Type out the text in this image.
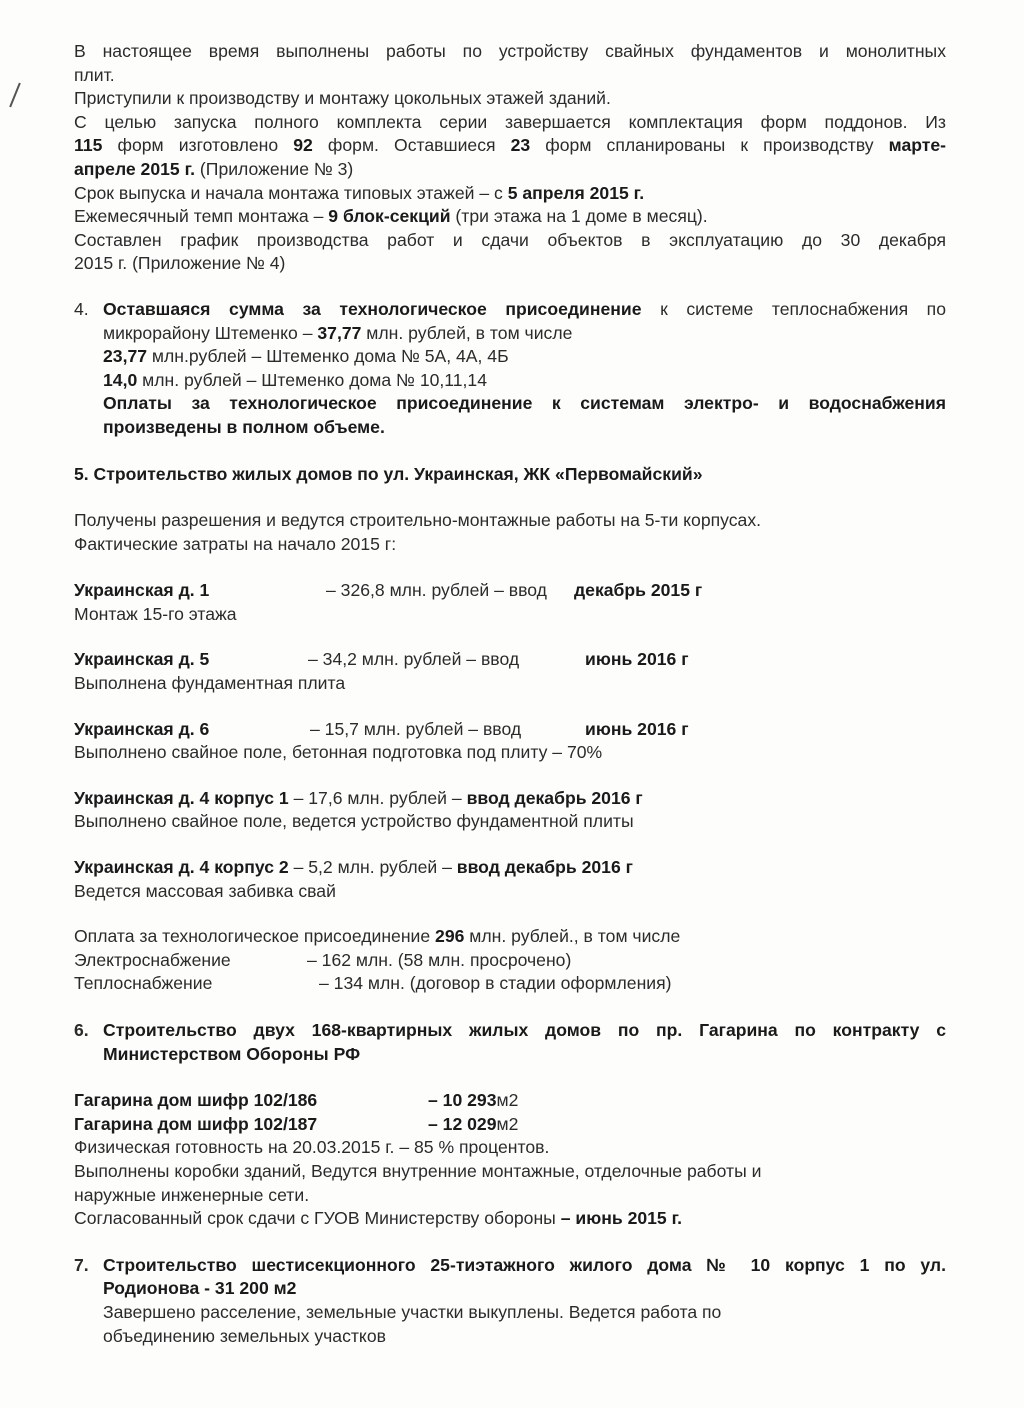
В настоящее время выполнены работы по устройству свайных фундаментов и монолитных

плит.

Приступили к производству и монтажу цокольных этажей зданий.

С целью запуска полного комплекта серии завершается комплектация форм поддонов. Из

115 форм изготовлено 92 форм. Оставшиеся 23 форм спланированы к производству марте-

апреле 2015 г. (Приложение № 3)

Срок выпуска и начала монтажа типовых этажей – с 5 апреля 2015 г.

Ежемесячный темп монтажа – 9 блок-секций (три этажа на 1 доме в месяц).

Составлен график производства работ и сдачи объектов в эксплуатацию до 30 декабря

2015 г. (Приложение № 4)

4. Оставшаяся сумма за технологическое присоединение к системе теплоснабжения по

микрорайону Штеменко – 37,77 млн. рублей, в том числе

23,77 млн.рублей – Штеменко дома № 5А, 4А, 4Б

14,0 млн. рублей – Штеменко дома № 10,11,14

Оплаты за технологическое присоединение к системам электро- и водоснабжения

произведены в полном объеме.

5. Строительство жилых домов по ул. Украинская, ЖК «Первомайский»

Получены разрешения и ведутся строительно-монтажные работы на 5-ти корпусах.

Фактические затраты на начало 2015 г:

Украинская д. 1	– 326,8 млн. рублей – ввод декабрь 2015 г

Монтаж 15-го этажа

Украинская д. 5	– 34,2 млн. рублей – ввод	июнь 2016 г

Выполнена фундаментная плита

Украинская д. 6	– 15,7 млн. рублей – ввод	июнь 2016 г

Выполнено свайное поле, бетонная подготовка под плиту – 70%

Украинская д. 4 корпус 1 – 17,6 млн. рублей – ввод декабрь 2016 г

Выполнено свайное поле, ведется устройство фундаментной плиты

Украинская д. 4 корпус 2 – 5,2 млн. рублей – ввод декабрь 2016 г

Ведется массовая забивка свай

Оплата за технологическое присоединение 296 млн. рублей., в том числе

Электроснабжение	– 162 млн. (58 млн. просрочено)
Теплоснабжение	– 134 млн. (договор в стадии оформления)
6. Строительство двух 168-квартирных жилых домов по пр. Гагарина по контракту с

Министерством Обороны РФ

Гагарина дом шифр 102/186	– 10 293 м2
Гагарина дом шифр 102/187	– 12 029 м2

Физическая готовность на 20.03.2015 г. – 85 % процентов.

Выполнены коробки зданий, Ведутся внутренние монтажные, отделочные работы и

наружные инженерные сети.

Согласованный срок сдачи с ГУОВ Министерству обороны – июнь 2015 г.

7. Строительство шестисекционного 25-тиэтажного жилого дома № 10 корпус 1 по ул.

Родионова - 31 200 м2

Завершено расселение, земельные участки выкуплены. Ведется работа по

объединению земельных участков
